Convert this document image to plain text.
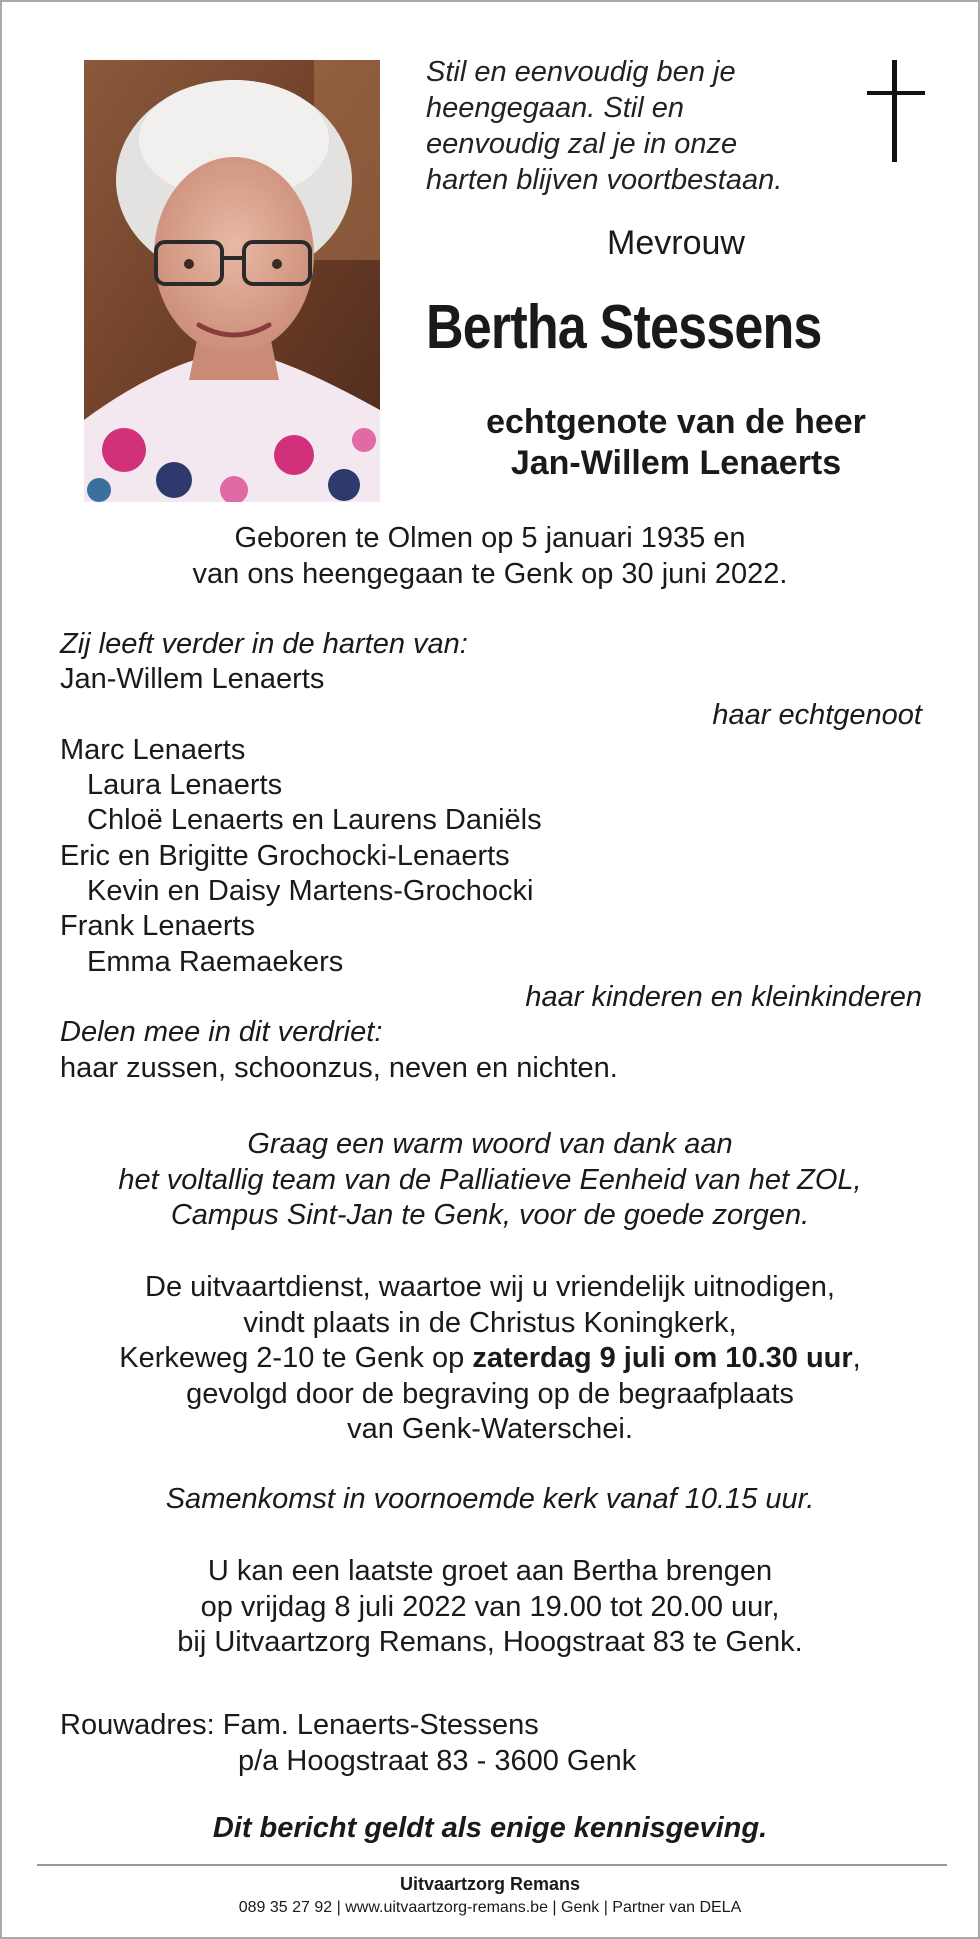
Stil en eenvoudig ben je
heengegaan. Stil en
eenvoudig zal je in onze
harten blijven voortbestaan.
Mevrouw
Bertha Stessens
echtgenote van de heer
Jan-Willem Lenaerts
Geboren te Olmen op 5 januari 1935 en
van ons heengegaan te Genk op 30 juni 2022.
Zij leeft verder in de harten van:
Jan-Willem Lenaerts
haar echtgenoot
Marc Lenaerts
Laura Lenaerts
Chloë Lenaerts en Laurens Daniëls
Eric en Brigitte Grochocki-Lenaerts
Kevin en Daisy Martens-Grochocki
Frank Lenaerts
Emma Raemaekers
haar kinderen en kleinkinderen
Delen mee in dit verdriet:
haar zussen, schoonzus, neven en nichten.
Graag een warm woord van dank aan
het voltallig team van de Palliatieve Eenheid van het ZOL,
Campus Sint-Jan te Genk, voor de goede zorgen.
De uitvaartdienst, waartoe wij u vriendelijk uitnodigen,
vindt plaats in de Christus Koningkerk,
Kerkeweg 2-10 te Genk op zaterdag 9 juli om 10.30 uur,
gevolgd door de begraving op de begraafplaats
van Genk-Waterschei.
Samenkomst in voornoemde kerk vanaf 10.15 uur.
U kan een laatste groet aan Bertha brengen
op vrijdag 8 juli 2022 van 19.00 tot 20.00 uur,
bij Uitvaartzorg Remans, Hoogstraat 83 te Genk.
Rouwadres: Fam. Lenaerts-Stessens
p/a Hoogstraat 83 - 3600 Genk
Dit bericht geldt als enige kennisgeving.
Uitvaartzorg Remans
089 35 27 92 | www.uitvaartzorg-remans.be | Genk | Partner van DELA
